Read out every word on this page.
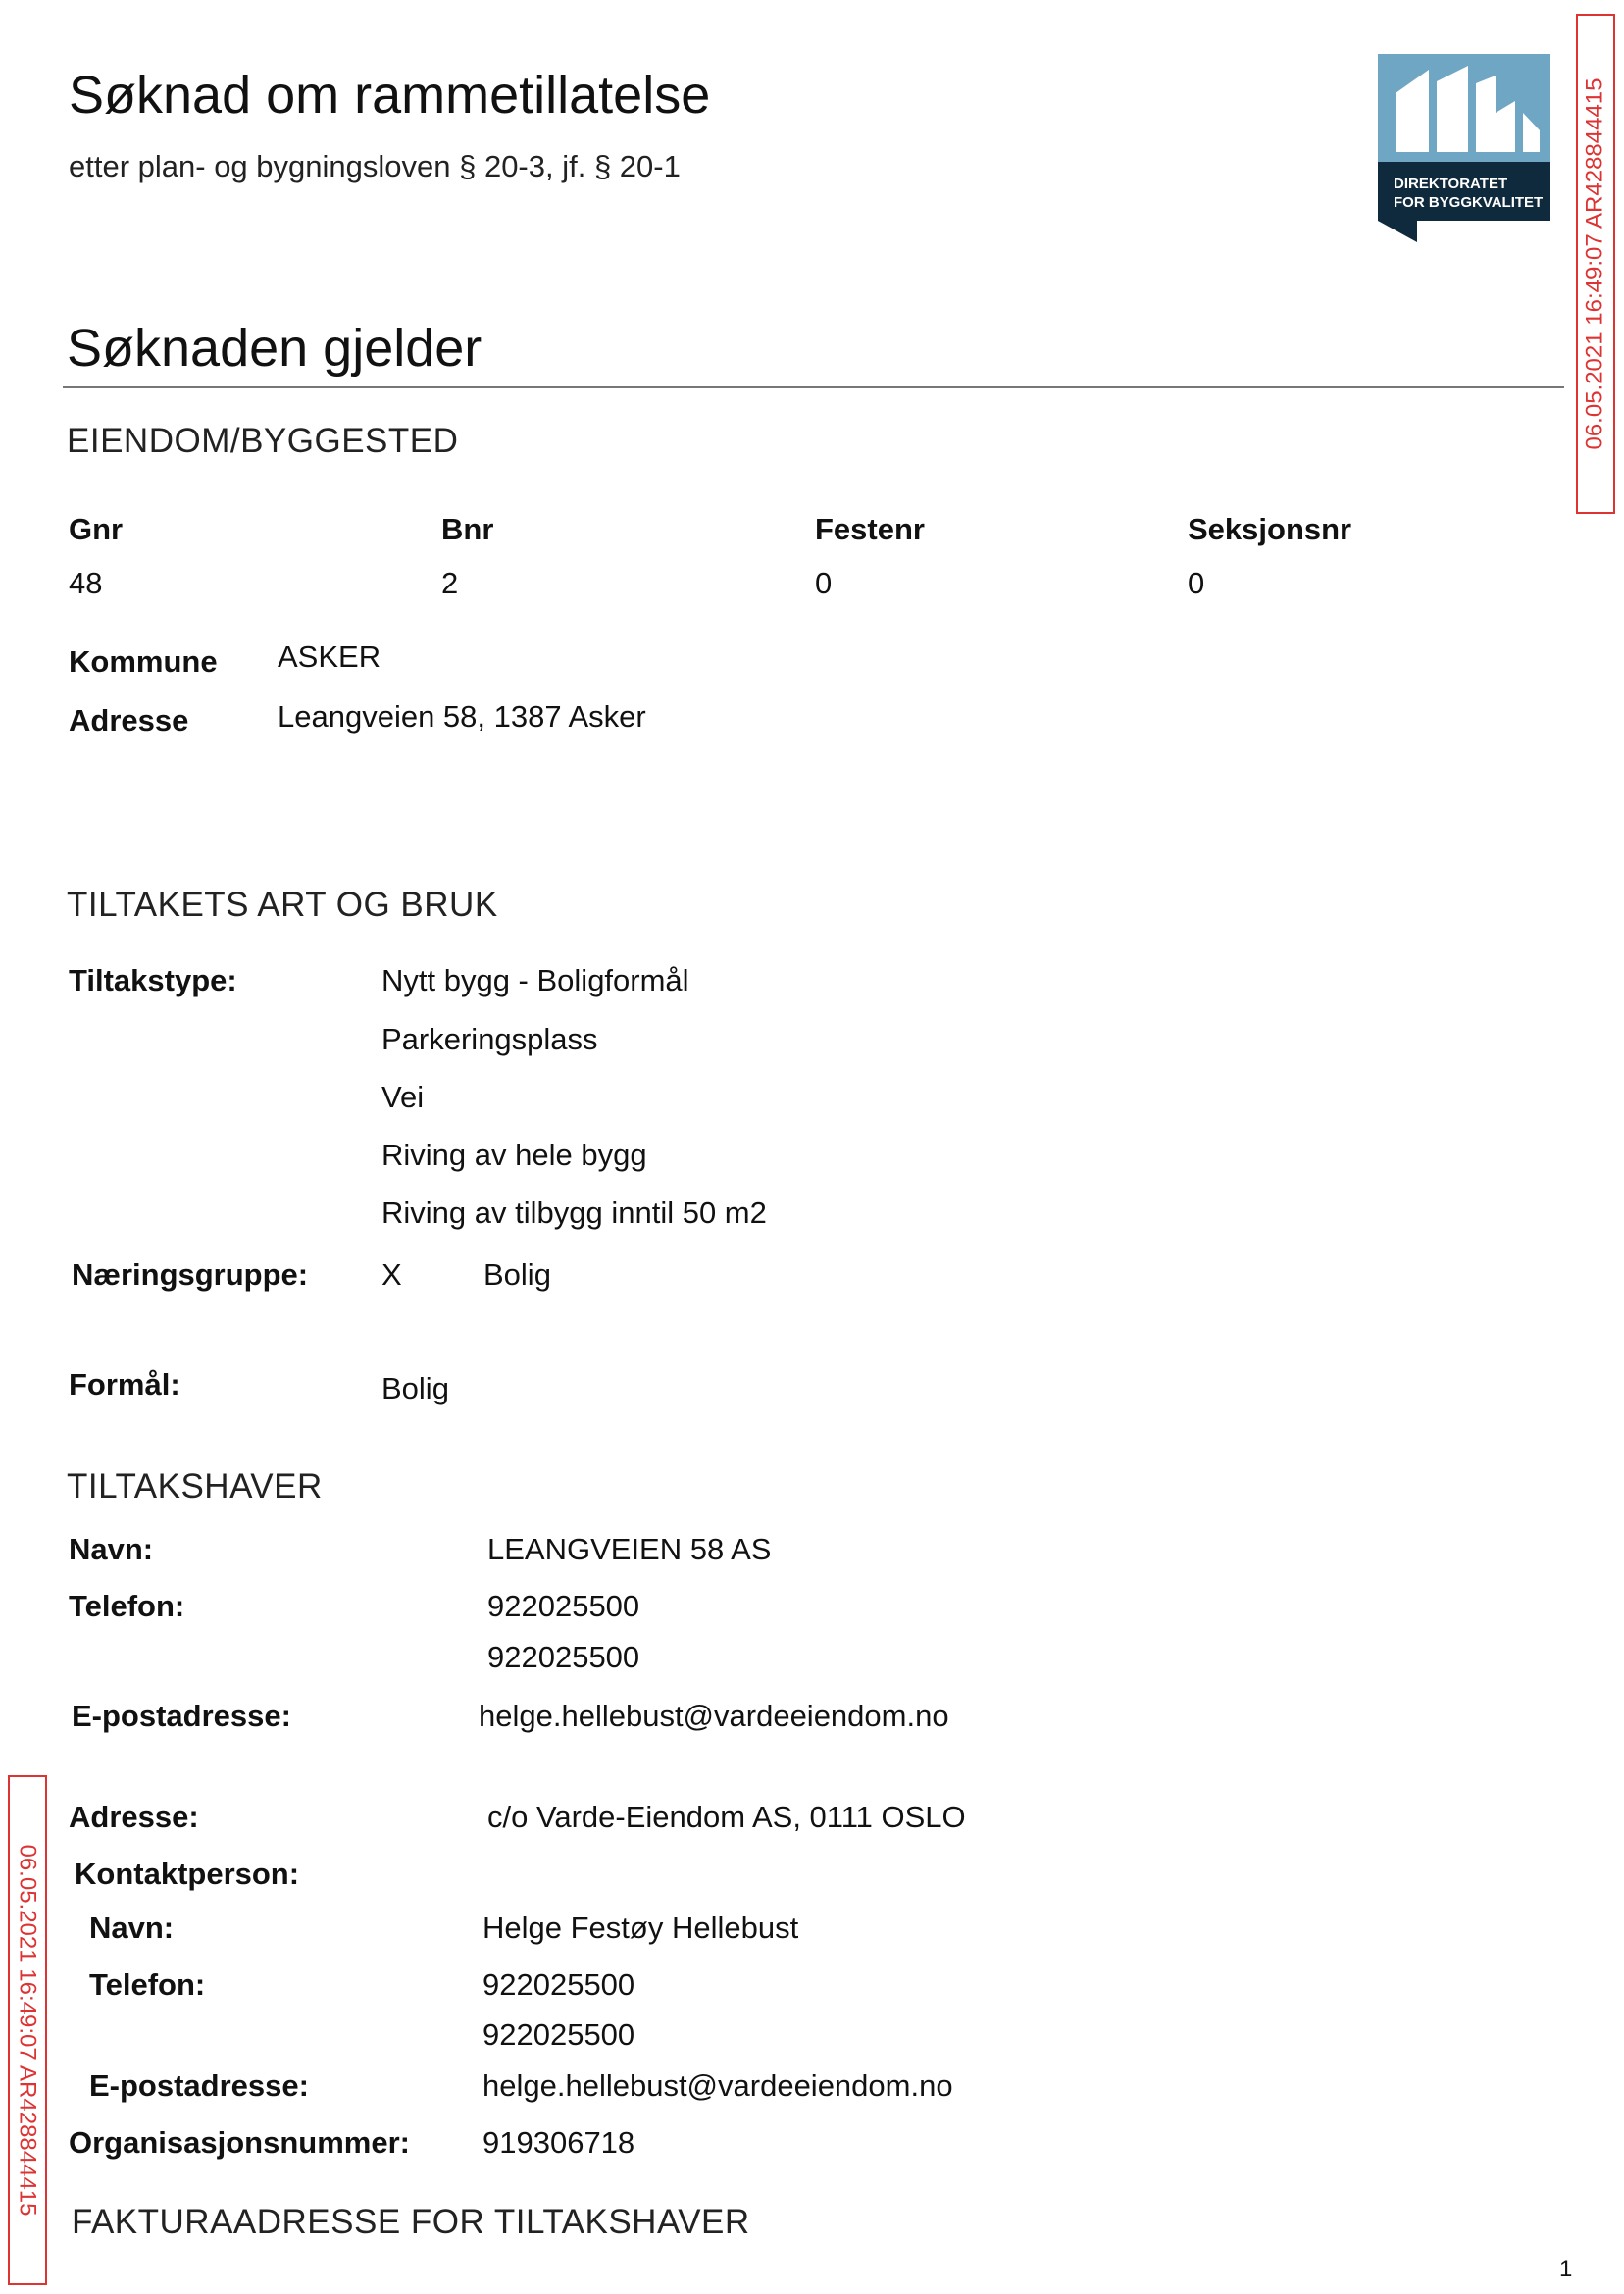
Søknad om rammetillatelse
etter plan- og bygningsloven § 20-3, jf. § 20-1
DIREKTORATET
FOR BYGGKVALITET 06.05.2021 16:49:07 AR428844415
06.05.2021 16:49:07 AR428844415
Søknaden gjelder
EIENDOM/BYGGESTED
Gnr	Bnr	Festenr	Seksjonsnr
48	2	0	0
Kommune ASKER
Adresse	Leangveien 58, 1387 Asker
TILTAKETS ART OG BRUK
Tiltakstype:	Nytt bygg - Boligformål
Parkeringsplass
Vei
Riving av hele bygg
Riving av tilbygg inntil 50 m2
Næringsgruppe: X	Bolig
Formål:	Bolig
TILTAKSHAVER
Navn:	LEANGVEIEN 58 AS
Telefon:	922025500
922025500
E-postadresse:	helge.hellebust@vardeeiendom.no
Adresse:	c/o Varde-Eiendom AS, 0111 OSLO
Kontaktperson:
Navn:	Helge Festøy Hellebust
Telefon:	922025500
922025500
E-postadresse:	helge.hellebust@vardeeiendom.no
Organisasjonsnummer: 919306718
FAKTURAADRESSE FOR TILTAKSHAVER
1
